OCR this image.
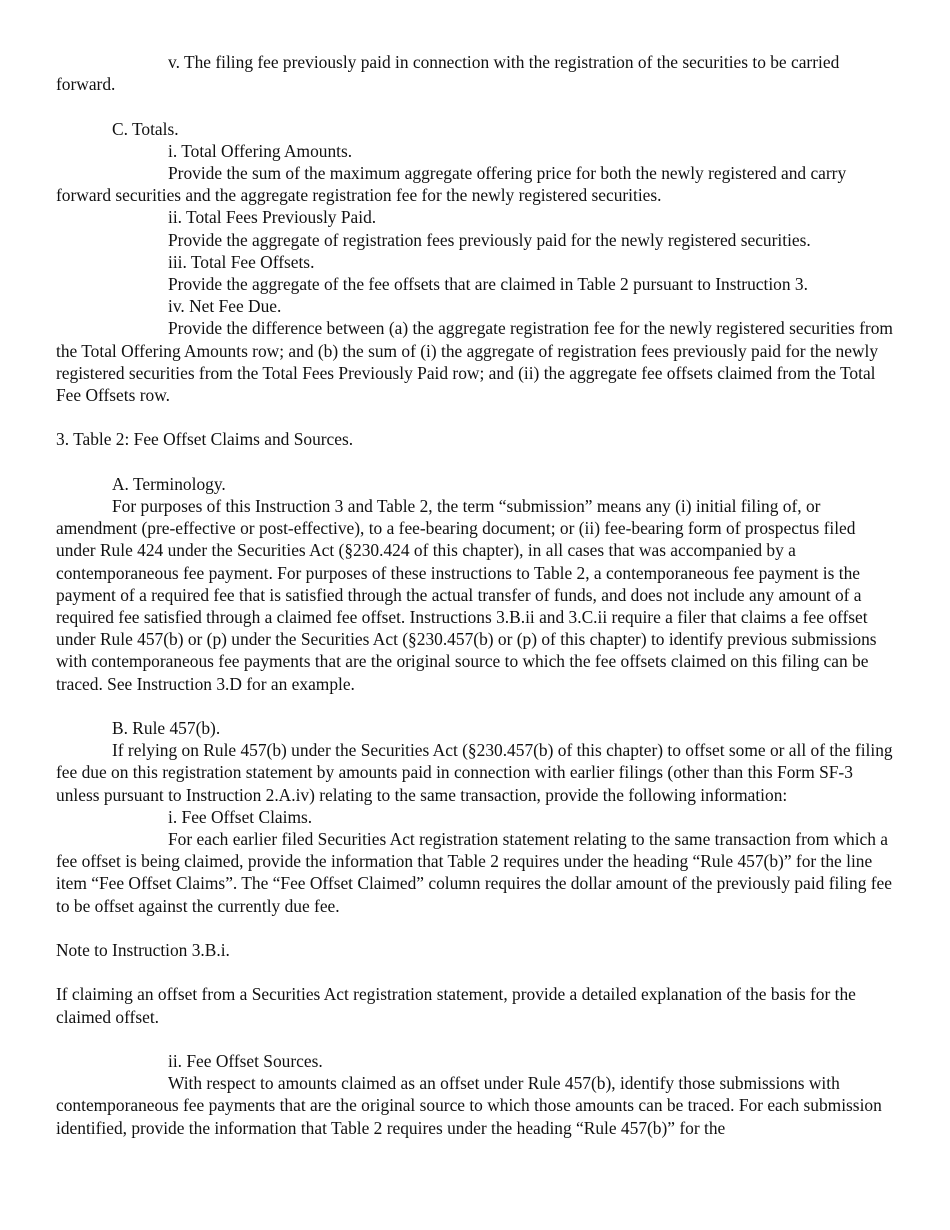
v. The filing fee previously paid in connection with the registration of the securities to be carried forward.

C. Totals.

i. Total Offering Amounts.

Provide the sum of the maximum aggregate offering price for both the newly registered and carry forward securities and the aggregate registration fee for the newly registered securities.

ii. Total Fees Previously Paid.

Provide the aggregate of registration fees previously paid for the newly registered securities.

iii. Total Fee Offsets.

Provide the aggregate of the fee offsets that are claimed in Table 2 pursuant to Instruction 3.

iv. Net Fee Due.

Provide the difference between (a) the aggregate registration fee for the newly registered securities from the Total Offering Amounts row; and (b) the sum of (i) the aggregate of registration fees previously paid for the newly registered securities from the Total Fees Previously Paid row; and (ii) the aggregate fee offsets claimed from the Total Fee Offsets row.

3. Table 2: Fee Offset Claims and Sources.

A. Terminology.

For purposes of this Instruction 3 and Table 2, the term “submission” means any (i) initial filing of, or amendment (pre-effective or post-effective), to a fee-bearing document; or (ii) fee-bearing form of prospectus filed under Rule 424 under the Securities Act (§230.424 of this chapter), in all cases that was accompanied by a contemporaneous fee payment. For purposes of these instructions to Table 2, a contemporaneous fee payment is the payment of a required fee that is satisfied through the actual transfer of funds, and does not include any amount of a required fee satisfied through a claimed fee offset. Instructions 3.B.ii and 3.C.ii require a filer that claims a fee offset under Rule 457(b) or (p) under the Securities Act (§230.457(b) or (p) of this chapter) to identify previous submissions with contemporaneous fee payments that are the original source to which the fee offsets claimed on this filing can be traced. See Instruction 3.D for an example.

B. Rule 457(b).

If relying on Rule 457(b) under the Securities Act (§230.457(b) of this chapter) to offset some or all of the filing fee due on this registration statement by amounts paid in connection with earlier filings (other than this Form SF-3 unless pursuant to Instruction 2.A.iv) relating to the same transaction, provide the following information:

i. Fee Offset Claims.

For each earlier filed Securities Act registration statement relating to the same transaction from which a fee offset is being claimed, provide the information that Table 2 requires under the heading “Rule 457(b)” for the line item “Fee Offset Claims”. The “Fee Offset Claimed” column requires the dollar amount of the previously paid filing fee to be offset against the currently due fee.

Note to Instruction 3.B.i.

If claiming an offset from a Securities Act registration statement, provide a detailed explanation of the basis for the claimed offset.

ii. Fee Offset Sources.

With respect to amounts claimed as an offset under Rule 457(b), identify those submissions with contemporaneous fee payments that are the original source to which those amounts can be traced. For each submission identified, provide the information that Table 2 requires under the heading “Rule 457(b)” for the
